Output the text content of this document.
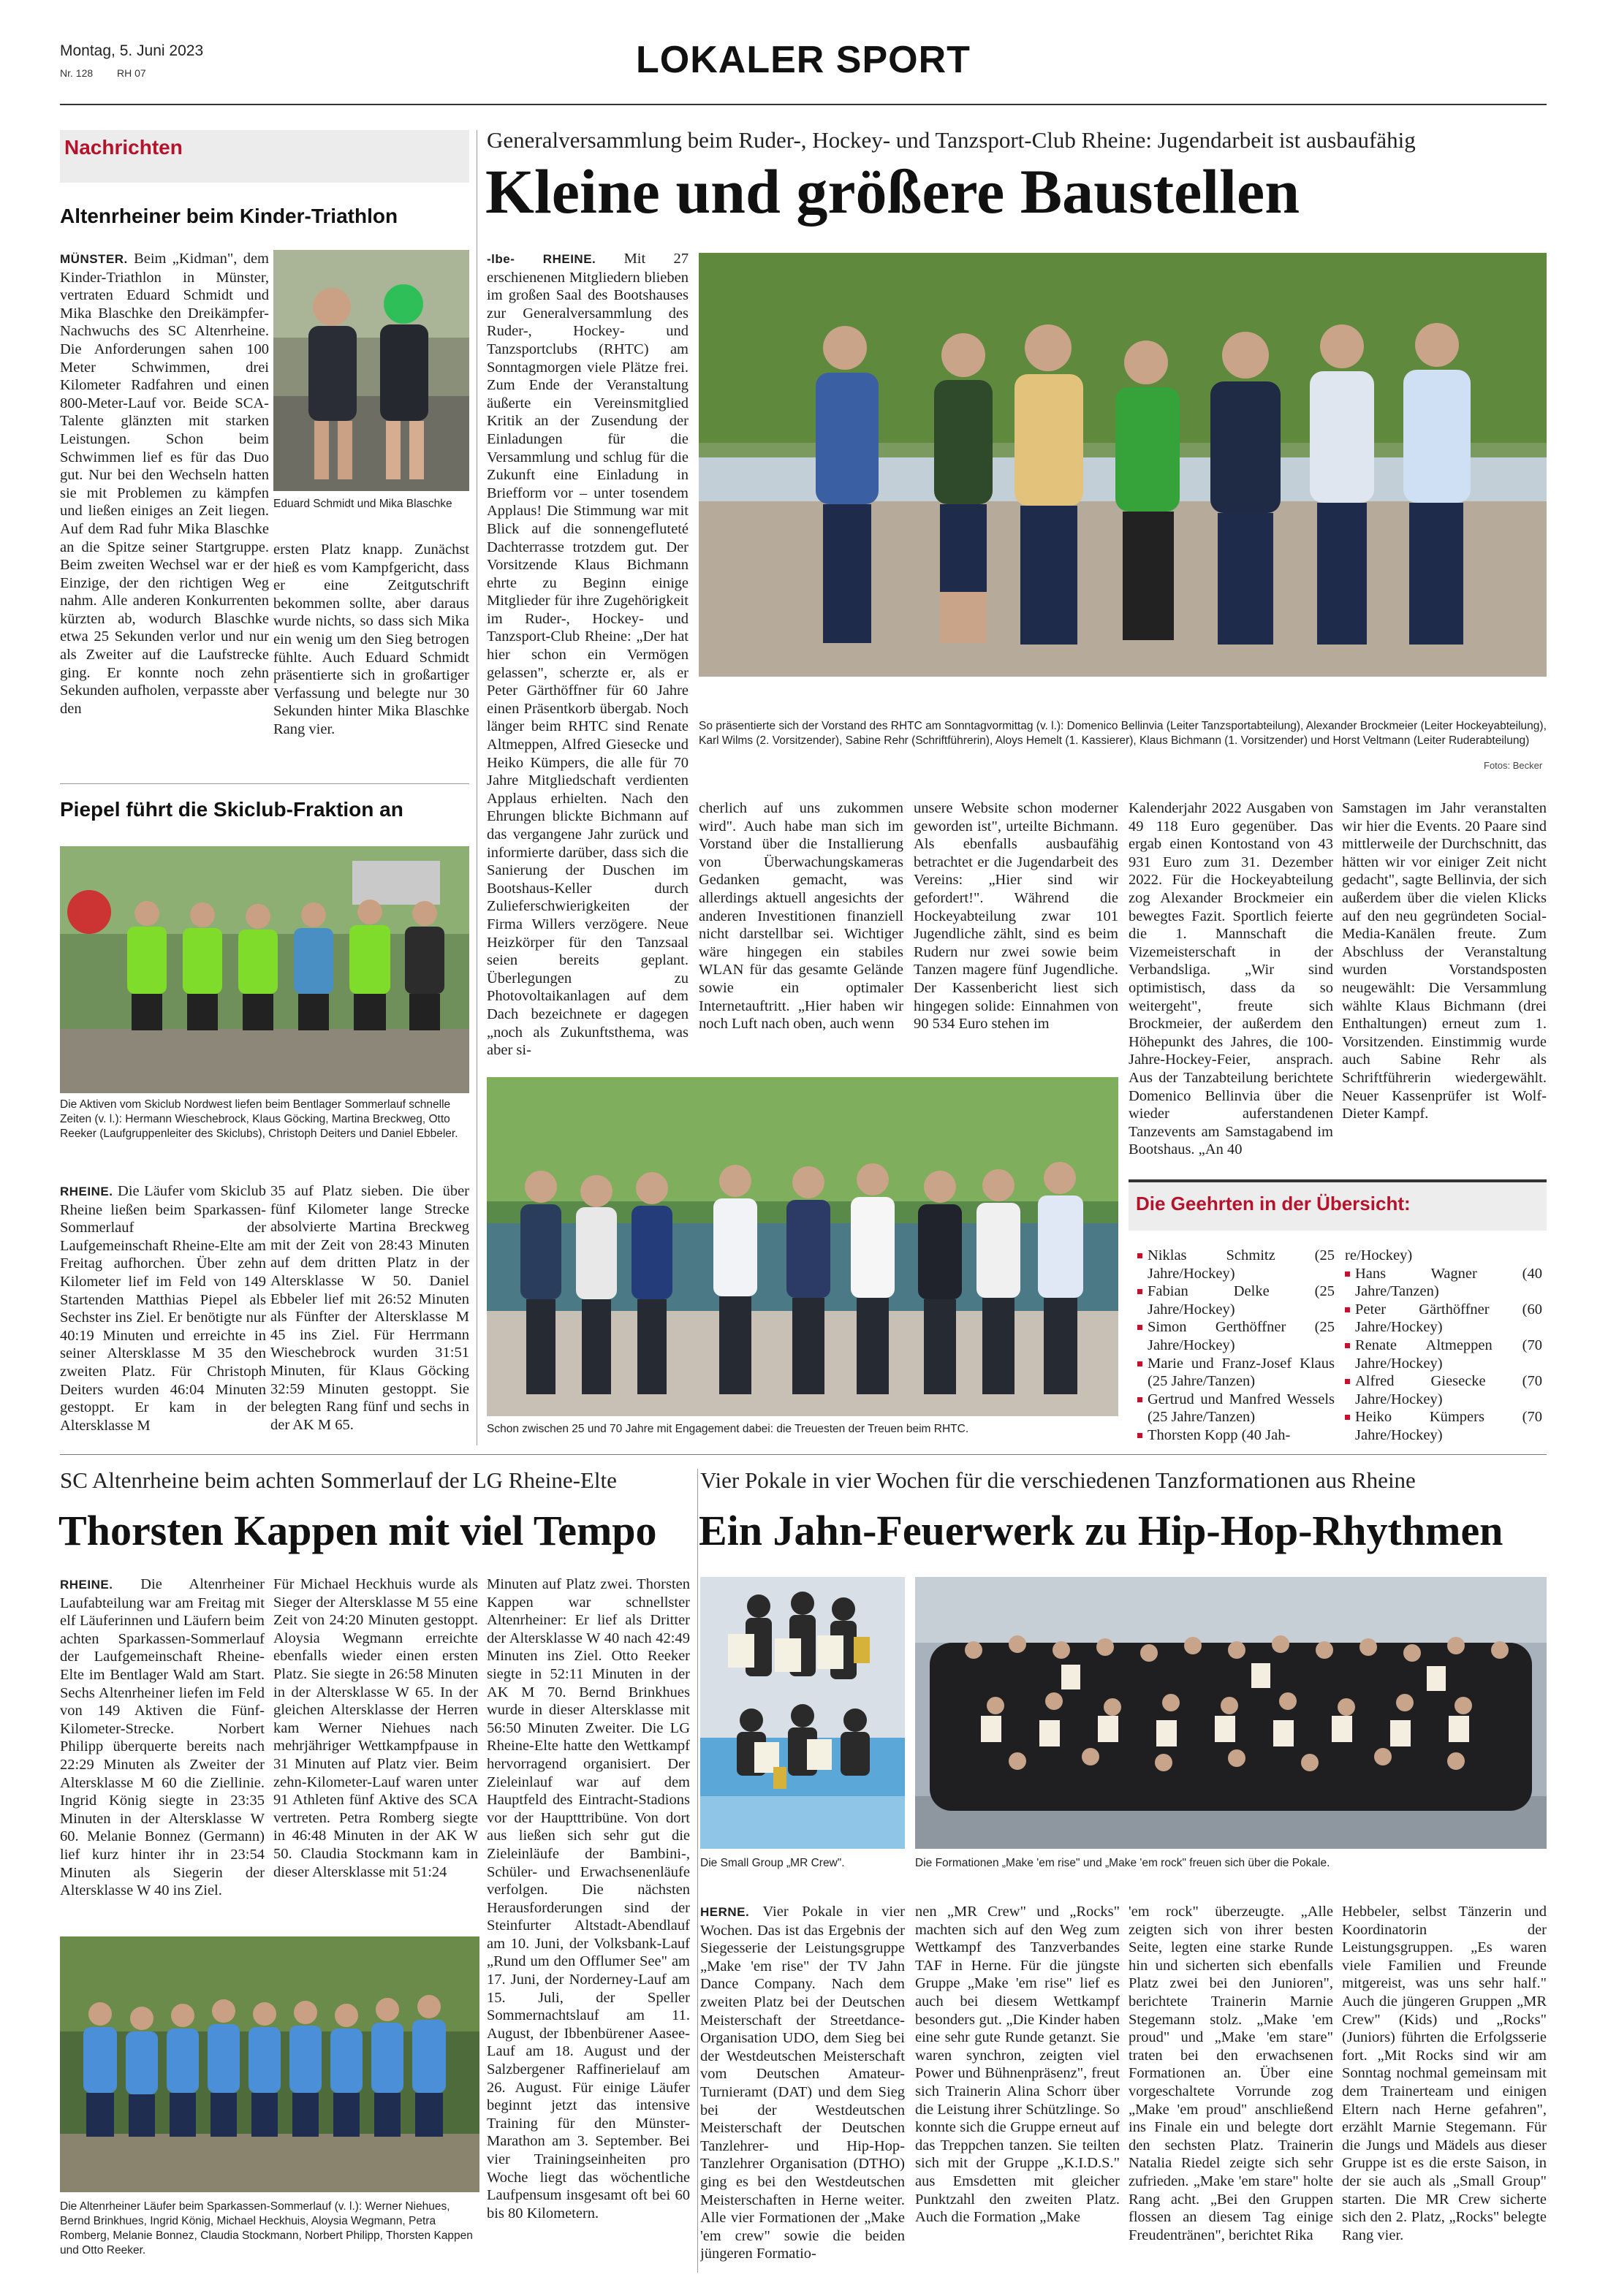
Montag, 5. Juni 2023
Nr. 128 RH 07	LOKALER SPORT
Nachrichten
Altenrheiner beim Kinder-Triathlon
MÜNSTER. Beim „Kidman", dem Kinder-Triathlon in Münster, vertraten Eduard Schmidt und Mika Blaschke den Dreikämpfer-Nachwuchs des SC Altenrheine. Die Anforderungen sahen 100 Meter Schwimmen, drei Kilometer Radfahren und einen 800-Meter-Lauf vor. Beide SCA-Talente glänzten mit starken Leistungen. Schon beim Schwimmen lief es für das Duo gut. Nur bei den Wechseln hatten sie mit Problemen zu kämpfen und ließen einiges an Zeit liegen. Auf dem Rad fuhr Mika Blaschke an die Spitze seiner Startgruppe. Beim zweiten Wechsel war er der Einzige, der den richtigen Weg nahm. Alle anderen Konkurrenten kürzten ab, wodurch Blaschke etwa 25 Sekunden verlor und nur als Zweiter auf die Laufstrecke ging. Er konnte noch zehn Sekunden aufholen, verpasste aber den
Eduard Schmidt und Mika Blaschke
ersten Platz knapp. Zunächst hieß es vom Kampfgericht, dass er eine Zeitgutschrift bekommen sollte, aber daraus wurde nichts, so dass sich Mika ein wenig um den Sieg betrogen fühlte. Auch Eduard Schmidt präsentierte sich in großartiger Verfassung und belegte nur 30 Sekunden hinter Mika Blaschke Rang vier.
Piepel führt die Skiclub-Fraktion an
Die Aktiven vom Skiclub Nordwest liefen beim Bentlager Sommerlauf schnelle Zeiten (v. l.): Hermann Wieschebrock, Klaus Göcking, Martina Breckweg, Otto Reeker (Laufgruppenleiter des Skiclubs), Christoph Deiters und Daniel Ebbeler.
RHEINE. Die Läufer vom Skiclub Rheine ließen beim Sparkassen-Sommerlauf der Laufgemeinschaft Rheine-Elte am Freitag aufhorchen. Über zehn Kilometer lief im Feld von 149 Startenden Matthias Piepel als Sechster ins Ziel. Er benötigte nur 40:19 Minuten und erreichte in seiner Altersklasse M 35 den zweiten Platz. Für Christoph Deiters wurden 46:04 Minuten gestoppt. Er kam in der Altersklasse M
35 auf Platz sieben. Die über fünf Kilometer lange Strecke absolvierte Martina Breckweg mit der Zeit von 28:43 Minuten auf dem dritten Platz in der Altersklasse W 50. Daniel Ebbeler lief mit 26:52 Minuten als Fünfter der Altersklasse M 45 ins Ziel. Für Herrmann Wieschebrock wurden 31:51 Minuten, für Klaus Göcking 32:59 Minuten gestoppt. Sie belegten Rang fünf und sechs in der AK M 65.
Generalversammlung beim Ruder-, Hockey- und Tanzsport-Club Rheine: Jugendarbeit ist ausbaufähig
Kleine und größere Baustellen
-lbe- RHEINE. Mit 27 erschienenen Mitgliedern blieben im großen Saal des Bootshauses zur Generalversammlung des Ruder-, Hockey- und Tanzsportclubs (RHTC) am Sonntagmorgen viele Plätze frei. Zum Ende der Veranstaltung äußerte ein Vereinsmitglied Kritik an der Zusendung der Einladungen für die Versammlung und schlug für die Zukunft eine Einladung in Briefform vor – unter tosendem Applaus! Die Stimmung war mit Blick auf die sonnengefluteté Dachterrasse trotzdem gut. Der Vorsitzende Klaus Bichmann ehrte zu Beginn einige Mitglieder für ihre Zugehörigkeit im Ruder-, Hockey- und Tanzsport-Club Rheine: „Der hat hier schon ein Vermögen gelassen", scherzte er, als er Peter Gärthöffner für 60 Jahre einen Präsentkorb übergab. Noch länger beim RHTC sind Renate Altmeppen, Alfred Giesecke und Heiko Kümpers, die alle für 70 Jahre Mitgliedschaft verdienten Applaus erhielten. Nach den Ehrungen blickte Bichmann auf das vergangene Jahr zurück und informierte darüber, dass sich die Sanierung der Duschen im Bootshaus-Keller durch Zulieferschwierigkeiten der Firma Willers verzögere. Neue Heizkörper für den Tanzsaal seien bereits geplant. Überlegungen zu Photovoltaikanlagen auf dem Dach bezeichnete er dagegen „noch als Zukunftsthema, was aber si-
So präsentierte sich der Vorstand des RHTC am Sonntagvormittag (v. l.): Domenico Bellinvia (Leiter Tanzsportabteilung), Alexander Brockmeier (Leiter Hockeyabteilung), Karl Wilms (2. Vorsitzender), Sabine Rehr (Schriftführerin), Aloys Hemelt (1. Kassierer), Klaus Bichmann (1. Vorsitzender) und Horst Veltmann (Leiter Ruderabteilung)
Fotos: Becker
cherlich auf uns zukommen wird". Auch habe man sich im Vorstand über die Installierung von Überwachungskameras Gedanken gemacht, was allerdings aktuell angesichts der anderen Investitionen finanziell nicht darstellbar sei. Wichtiger wäre hingegen ein stabiles WLAN für das gesamte Gelände sowie ein optimaler Internetauftritt. „Hier haben wir noch Luft nach oben, auch wenn
unsere Website schon moderner geworden ist", urteilte Bichmann. Als ebenfalls ausbaufähig betrachtet er die Jugendarbeit des Vereins: „Hier sind wir gefordert!". Während die Hockeyabteilung zwar 101 Jugendliche zählt, sind es beim Rudern nur zwei sowie beim Tanzen magere fünf Jugendliche. Der Kassenbericht liest sich hingegen solide: Einnahmen von 90 534 Euro stehen im
Schon zwischen 25 und 70 Jahre mit Engagement dabei: die Treuesten der Treuen beim RHTC.
Kalenderjahr 2022 Ausgaben von 49 118 Euro gegenüber. Das ergab einen Kontostand von 43 931 Euro zum 31. Dezember 2022. Für die Hockeyabteilung zog Alexander Brockmeier ein bewegtes Fazit. Sportlich feierte die 1. Mannschaft die Vizemeisterschaft in der Verbandsliga. „Wir sind optimistisch, dass da so weitergeht", freute sich Brockmeier, der außerdem den Höhepunkt des Jahres, die 100-Jahre-Hockey-Feier, ansprach. Aus der Tanzabteilung berichtete Domenico Bellinvia über die wieder auferstandenen Tanzevents am Samstagabend im Bootshaus. „An 40
Samstagen im Jahr veranstalten wir hier die Events. 20 Paare sind mittlerweile der Durchschnitt, das hätten wir vor einiger Zeit nicht gedacht", sagte Bellinvia, der sich außerdem über die vielen Klicks auf den neu gegründeten Social-Media-Kanälen freute. Zum Abschluss der Veranstaltung wurden Vorstandsposten neugewählt: Die Versammlung wählte Klaus Bichmann (drei Enthaltungen) erneut zum 1. Vorsitzenden. Einstimmig wurde auch Sabine Rehr als Schriftführerin wiedergewählt. Neuer Kassenprüfer ist Wolf-Dieter Kampf.
Die Geehrten in der Übersicht:
Niklas Schmitz (25 Jahre/Hockey)
Fabian Delke (25 Jahre/Hockey)
Simon Gerthöffner (25 Jahre/Hockey)
Marie und Franz-Josef Klaus (25 Jahre/Tanzen)
Gertrud und Manfred Wessels (25 Jahre/Tanzen)
Thorsten Kopp (40 Jah-
re/Hockey)
Hans Wagner (40 Jahre/Tanzen)
Peter Gärthöffner (60 Jahre/Hockey)
Renate Altmeppen (70 Jahre/Hockey)
Alfred Giesecke (70 Jahre/Hockey)
Heiko Kümpers (70 Jahre/Hockey)
SC Altenrheine beim achten Sommerlauf der LG Rheine-Elte
Thorsten Kappen mit viel Tempo
RHEINE. Die Altenrheiner Laufabteilung war am Freitag mit elf Läuferinnen und Läufern beim achten Sparkassen-Sommerlauf der Laufgemeinschaft Rheine-Elte im Bentlager Wald am Start. Sechs Altenrheiner liefen im Feld von 149 Aktiven die Fünf-Kilometer-Strecke. Norbert Philipp überquerte bereits nach 22:29 Minuten als Zweiter der Altersklasse M 60 die Ziellinie. Ingrid König siegte in 23:35 Minuten in der Altersklasse W 60. Melanie Bonnez (Germann) lief kurz hinter ihr in 23:54 Minuten als Siegerin der Altersklasse W 40 ins Ziel.
Für Michael Heckhuis wurde als Sieger der Altersklasse M 55 eine Zeit von 24:20 Minuten gestoppt. Aloysia Wegmann erreichte ebenfalls wieder einen ersten Platz. Sie siegte in 26:58 Minuten in der Altersklasse W 65. In der gleichen Altersklasse der Herren kam Werner Niehues nach mehrjähriger Wettkampfpause in 31 Minuten auf Platz vier. Beim zehn-Kilometer-Lauf waren unter 91 Athleten fünf Aktive des SCA vertreten. Petra Romberg siegte in 46:48 Minuten in der AK W 50. Claudia Stockmann kam in dieser Altersklasse mit 51:24
Minuten auf Platz zwei. Thorsten Kappen war schnellster Altenrheiner: Er lief als Dritter der Altersklasse W 40 nach 42:49 Minuten ins Ziel. Otto Reeker siegte in 52:11 Minuten in der AK M 70. Bernd Brinkhues wurde in dieser Altersklasse mit 56:50 Minuten Zweiter. Die LG Rheine-Elte hatte den Wettkampf hervorragend organisiert. Der Zieleinlauf war auf dem Hauptfeld des Eintracht-Stadions vor der Hauptttribüne. Von dort aus ließen sich sehr gut die Zieleinläufe der Bambini-, Schüler- und Erwachsenenläufe verfolgen. Die nächsten Herausforderungen sind der Steinfurter Altstadt-Abendlauf am 10. Juni, der Volksbank-Lauf „Rund um den Offlumer See" am 17. Juni, der Norderney-Lauf am 15. Juli, der Speller Sommernachtslauf am 11. August, der Ibbenbürener Aasee-Lauf am 18. August und der Salzbergener Raffinerielauf am 26. August. Für einige Läufer beginnt jetzt das intensive Training für den Münster-Marathon am 3. September. Bei vier Trainingseinheiten pro Woche liegt das wöchentliche Laufpensum insgesamt oft bei 60 bis 80 Kilometern.
Die Altenrheiner Läufer beim Sparkassen-Sommerlauf (v. l.): Werner Niehues, Bernd Brinkhues, Ingrid König, Michael Heckhuis, Aloysia Wegmann, Petra Romberg, Melanie Bonnez, Claudia Stockmann, Norbert Philipp, Thorsten Kappen und Otto Reeker.
Vier Pokale in vier Wochen für die verschiedenen Tanzformationen aus Rheine
Ein Jahn-Feuerwerk zu Hip-Hop-Rhythmen
Die Small Group „MR Crew".	Die Formationen „Make 'em rise" und „Make 'em rock" freuen sich über die Pokale.
HERNE. Vier Pokale in vier Wochen. Das ist das Ergebnis der Siegesserie der Leistungsgruppe „Make 'em rise" der TV Jahn Dance Company. Nach dem zweiten Platz bei der Deutschen Meisterschaft der Streetdance-Organisation UDO, dem Sieg bei der Westdeutschen Meisterschaft vom Deutschen Amateur-Turnieramt (DAT) und dem Sieg bei der Westdeutschen Meisterschaft der Deutschen Tanzlehrer- und Hip-Hop-Tanzlehrer Organisation (DTHO) ging es bei den Westdeutschen Meisterschaften in Herne weiter. Alle vier Formationen der „Make 'em crew" sowie die beiden jüngeren Formatio-
nen „MR Crew" und „Rocks" machten sich auf den Weg zum Wettkampf des Tanzverbandes TAF in Herne. Für die jüngste Gruppe „Make 'em rise" lief es auch bei diesem Wettkampf besonders gut. „Die Kinder haben eine sehr gute Runde getanzt. Sie waren synchron, zeigten viel Power und Bühnenpräsenz", freut sich Trainerin Alina Schorr über die Leistung ihrer Schützlinge. So konnte sich die Gruppe erneut auf das Treppchen tanzen. Sie teilten sich mit der Gruppe „K.I.D.S." aus Emsdetten mit gleicher Punktzahl den zweiten Platz. Auch die Formation „Make
'em rock" überzeugte. „Alle zeigten sich von ihrer besten Seite, legten eine starke Runde hin und sicherten sich ebenfalls Platz zwei bei den Junioren", berichtete Trainerin Marnie Stegemann stolz. „Make 'em proud" und „Make 'em stare" traten bei den erwachsenen Formationen an. Über eine vorgeschaltete Vorrunde zog „Make 'em proud" anschließend ins Finale ein und belegte dort den sechsten Platz. Trainerin Natalia Riedel zeigte sich sehr zufrieden. „Make 'em stare" holte Rang acht. „Bei den Gruppen flossen an diesem Tag einige Freudentränen", berichtet Rika
Hebbeler, selbst Tänzerin und Koordinatorin der Leistungsgruppen. „Es waren viele Familien und Freunde mitgereist, was uns sehr half." Auch die jüngeren Gruppen „MR Crew" (Kids) und „Rocks" (Juniors) führten die Erfolgsserie fort. „Mit Rocks sind wir am Sonntag nochmal gemeinsam mit dem Trainerteam und einigen Eltern nach Herne gefahren", erzählt Marnie Stegemann. Für die Jungs und Mädels aus dieser Gruppe ist es die erste Saison, in der sie auch als „Small Group" starten. Die MR Crew sicherte sich den 2. Platz, „Rocks" belegte Rang vier.
